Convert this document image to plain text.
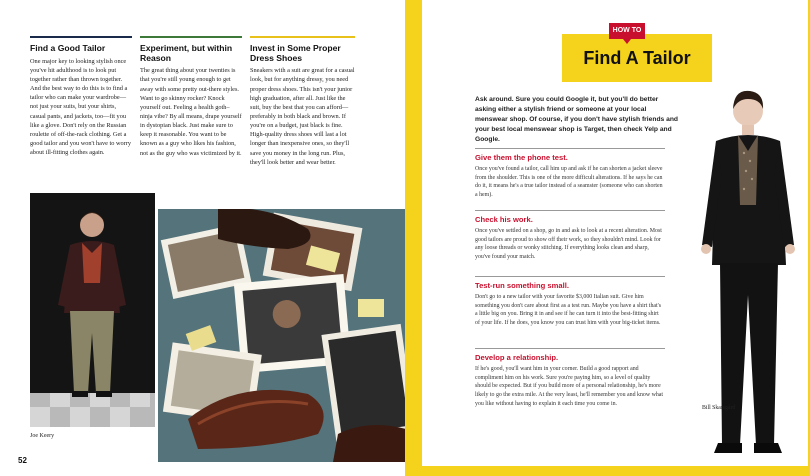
Find a Good Tailor

One major key to looking stylish once you've hit adulthood is to look put together rather than thrown together. And the best way to do this is to find a tailor who can make your wardrobe—not just your suits, but your shirts, casual pants, and jackets, too—fit you like a glove. Don't rely on the Russian roulette of off-the-rack clothing. Get a good tailor and you won't have to worry about ill-fitting clothes again.

Experiment, but within Reason

The great thing about your twenties is that you're still young enough to get away with some pretty out-there styles. Want to go skinny rocker? Knock yourself out. Feeling a health goth–ninja vibe? By all means, drape yourself in dystopian black. Just make sure to keep it reasonable. You want to be known as a guy who likes his fashion, not as the guy who was victimized by it.

Invest in Some Proper Dress Shoes

Sneakers with a suit are great for a casual look, but for anything dressy, you need proper dress shoes. This isn't your junior high graduation, after all. Just like the suit, buy the best that you can afford—preferably in both black and brown. If you're on a budget, just black is fine. High-quality dress shoes will last a lot longer than inexpensive ones, so they'll save you money in the long run. Plus, they'll look better and wear better.

Joe Keery
52
Find A Tailor
HOW TO

Ask around. Sure you could Google it, but you'll do better asking either a stylish friend or someone at your local menswear shop. Of course, if you don't have stylish friends and your best local menswear shop is Target, then check Yelp and Google.

Give them the phone test.

Once you've found a tailor, call him up and ask if he can shorten a jacket sleeve from the shoulder. This is one of the more difficult alterations. If he says he can do it, it means he's a true tailor instead of a seamster (someone who can shorten a hem).

Check his work.

Once you've settled on a shop, go in and ask to look at a recent alteration. Most good tailors are proud to show off their work, so they shouldn't mind. Look for any loose threads or wonky stitching. If everything looks clean and sharp, you've found your match.

Test-run something small.

Don't go to a new tailor with your favorite $3,000 Italian suit. Give him something you don't care about first as a test run. Maybe you have a shirt that's a little big on you. Bring it in and see if he can turn it into the best-fitting shirt of your life. If he does, you know you can trust him with your big-ticket items.

Develop a relationship.

If he's good, you'll want him in your corner. Build a good rapport and compliment him on his work. Sure you're paying him, so a level of quality should be expected. But if you build more of a personal relationship, he's more likely to go the extra mile. At the very least, he'll remember you and know what you like without having to explain it each time you come in.

Bill Skarsgård
